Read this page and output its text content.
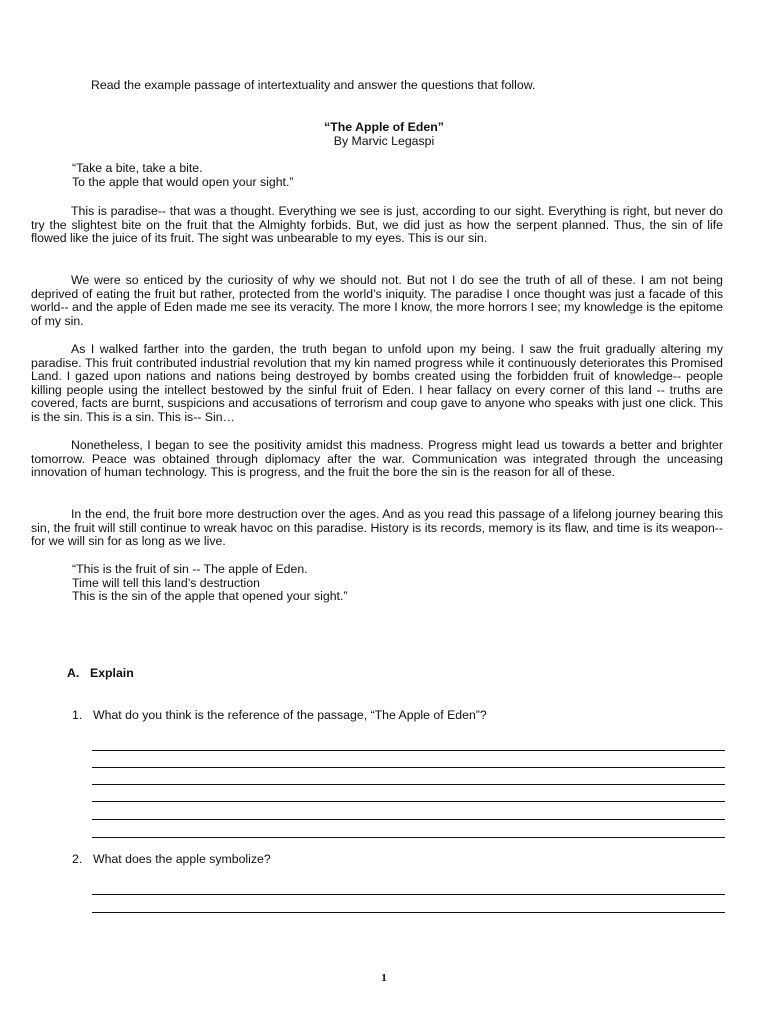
Read the example passage of intertextuality and answer the questions that follow.
“The Apple of Eden”
By Marvic Legaspi
“Take a bite, take a bite.
To the apple that would open your sight.”
This is paradise-- that was a thought. Everything we see is just, according to our sight. Everything is right, but never do try the slightest bite on the fruit that the Almighty forbids. But, we did just as how the serpent planned. Thus, the sin of life flowed like the juice of its fruit. The sight was unbearable to my eyes. This is our sin.
We were so enticed by the curiosity of why we should not. But not I do see the truth of all of these. I am not being deprived of eating the fruit but rather, protected from the world’s iniquity. The paradise I once thought was just a facade of this world-- and the apple of Eden made me see its veracity. The more I know, the more horrors I see; my knowledge is the epitome of my sin.
As I walked farther into the garden, the truth began to unfold upon my being. I saw the fruit gradually altering my paradise. This fruit contributed industrial revolution that my kin named progress while it continuously deteriorates this Promised Land. I gazed upon nations and nations being destroyed by bombs created using the forbidden fruit of knowledge-- people killing people using the intellect bestowed by the sinful fruit of Eden. I hear fallacy on every corner of this land -- truths are covered, facts are burnt, suspicions and accusations of terrorism and coup gave to anyone who speaks with just one click. This is the sin. This is a sin. This is-- Sin…
Nonetheless, I began to see the positivity amidst this madness. Progress might lead us towards a better and brighter tomorrow. Peace was obtained through diplomacy after the war. Communication was integrated through the unceasing innovation of human technology. This is progress, and the fruit the bore the sin is the reason for all of these.
In the end, the fruit bore more destruction over the ages. And as you read this passage of a lifelong journey bearing this sin, the fruit will still continue to wreak havoc on this paradise. History is its records, memory is its flaw, and time is its weapon-- for we will sin for as long as we live.
“This is the fruit of sin -- The apple of Eden.
Time will tell this land’s destruction
This is the sin of the apple that opened your sight.”
A. Explain
1. What do you think is the reference of the passage, “The Apple of Eden”?
2. What does the apple symbolize?
1
